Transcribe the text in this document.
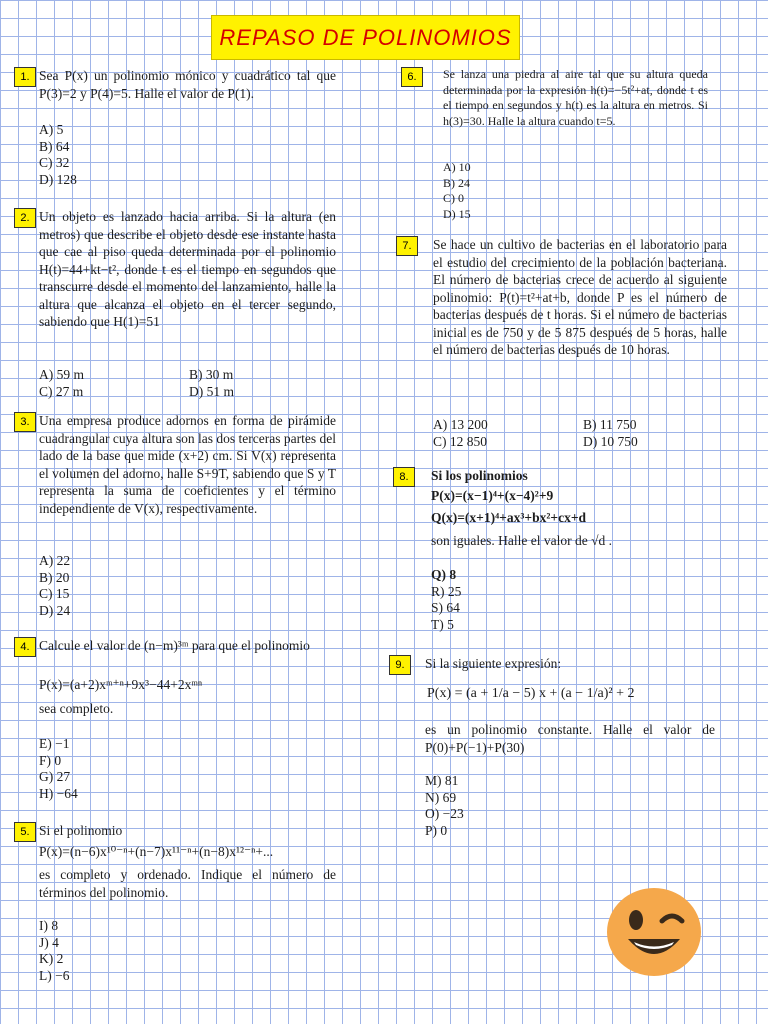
REPASO DE POLINOMIOS
1. Sea P(x) un polinomio mónico y cuadrático tal que P(3)=2 y P(4)=5. Halle el valor de P(1).
A) 5
B) 64
C) 32
D) 128
2. Un objeto es lanzado hacia arriba. Si la altura (en metros) que describe el objeto desde ese instante hasta que cae al piso queda determinada por el polinomio H(t)=44+kt−t², donde t es el tiempo en segundos que transcurre desde el momento del lanzamiento, halle la altura que alcanza el objeto en el tercer segundo, sabiendo que H(1)=51
A) 59 m	B) 30 m
C) 27 m	D) 51 m
3. Una empresa produce adornos en forma de pirámide cuadrangular cuya altura son las dos terceras partes del lado de la base que mide (x+2) cm. Si V(x) representa el volumen del adorno, halle S+9T, sabiendo que S y T representa la suma de coeficientes y el término independiente de V(x), respectivamente.
A) 22
B) 20
C) 15
D) 24
4. Calcule el valor de (n−m)³ᵐ para que el polinomio
P(x)=(a+2)xᵐ⁺ⁿ+9x³−44+2xᵐⁿ
sea completo.
E) −1
F) 0
G) 27
H) −64
5. Si el polinomio
P(x)=(n−6)x¹⁰⁻ⁿ+(n−7)x¹¹⁻ⁿ+(n−8)x¹²⁻ⁿ+...
es completo y ordenado. Indique el número de términos del polinomio.
I) 8
J) 4
K) 2
L) −6
6.	Se lanza una piedra al aire tal que su altura queda determinada por la expresión h(t)=−5t²+at, donde t es el tiempo en segundos y h(t) es la altura en metros. Si h(3)=30. Halle la altura cuando t=5.
A) 10
B) 24
C) 0
D) 15
7.	Se hace un cultivo de bacterias en el laboratorio para el estudio del crecimiento de la población bacteriana. El número de bacterias crece de acuerdo al siguiente polinomio: P(t)=t²+at+b, donde P es el número de bacterias después de t horas. Si el número de bacterias inicial es de 750 y de 5 875 después de 5 horas, halle el número de bacterias después de 10 horas.
A) 13 200	B) 11 750
C) 12 850	D) 10 750
8.	Si los polinomios
P(x)=(x−1)⁴+(x−4)²+9
Q(x)=(x+1)⁴+ax³+bx²+cx+d
son iguales. Halle el valor de √d .
Q) 8
R) 25
S) 64
T) 5
9.	Si la siguiente expresión:
P(x) = (a + 1/a − 5) x + (a − 1/a)² + 2
es un polinomio constante. Halle el valor de P(0)+P(−1)+P(30)
M) 81
N) 69
O) −23
P) 0
